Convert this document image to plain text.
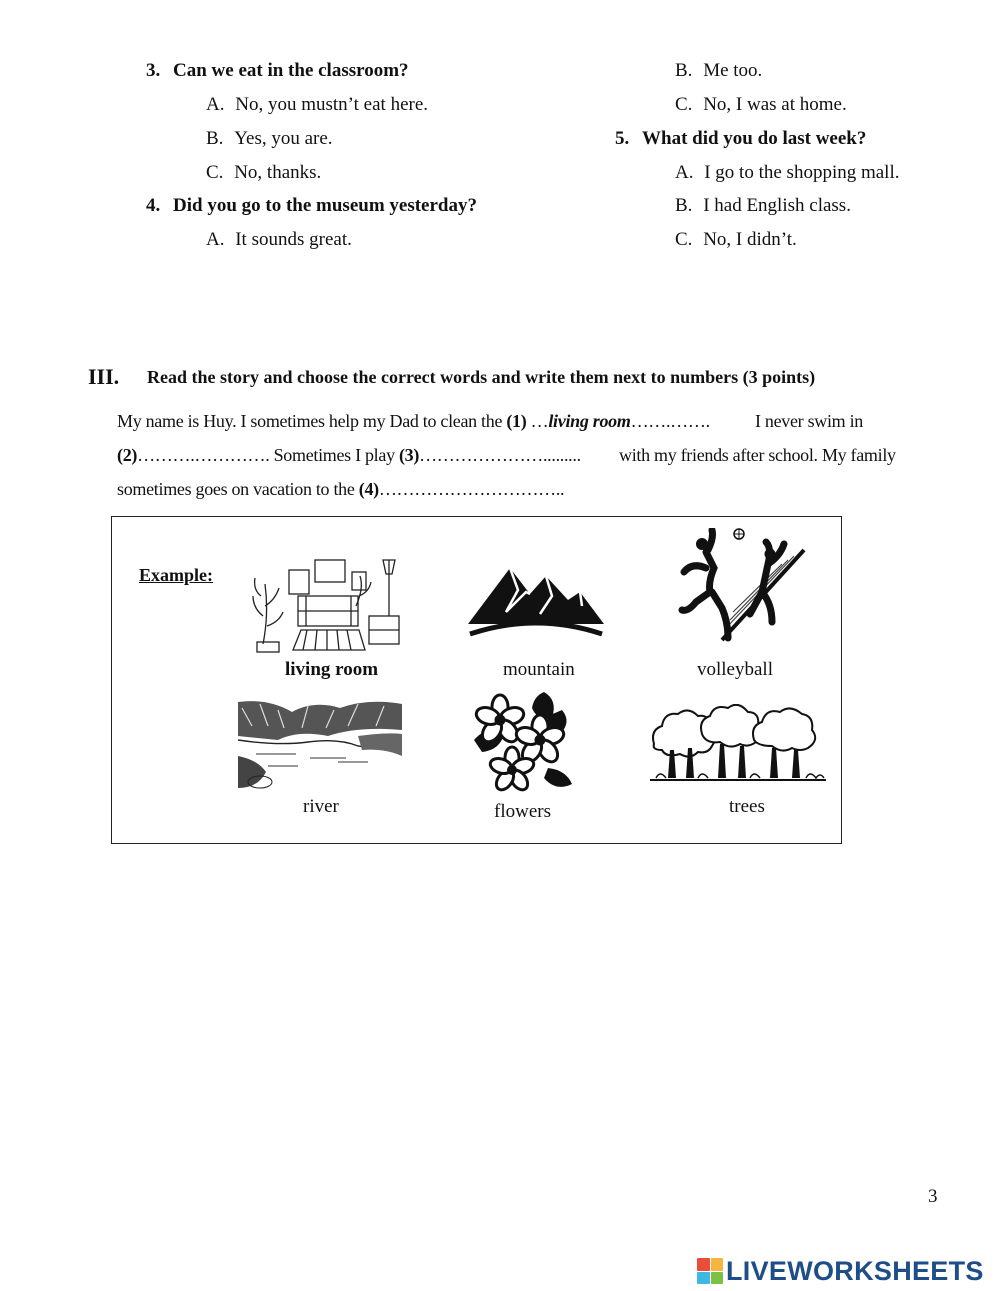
3. Can we eat in the classroom?
A. No, you mustn’t eat here.
B. Yes, you are.
C. No, thanks.
4. Did you go to the museum yesterday?
A. It sounds great.
B. Me too.
C. No, I was at home.
5. What did you do last week?
A. I go to the shopping mall.
B. I had English class.
C. No, I didn’t.
III. Read the story and choose the correct words and write them next to numbers (3 points)
My name is Huy. I sometimes help my Dad to clean the (1) …living room…….…….	I never swim in
(2)……….…………. Sometimes I play (3)…………………......... with my friends after school. My family
sometimes goes on vacation to the (4)…………………………..
Example:
living room	mountain	volleyball
river	flowers	trees
3
LIVEWORKSHEETS
